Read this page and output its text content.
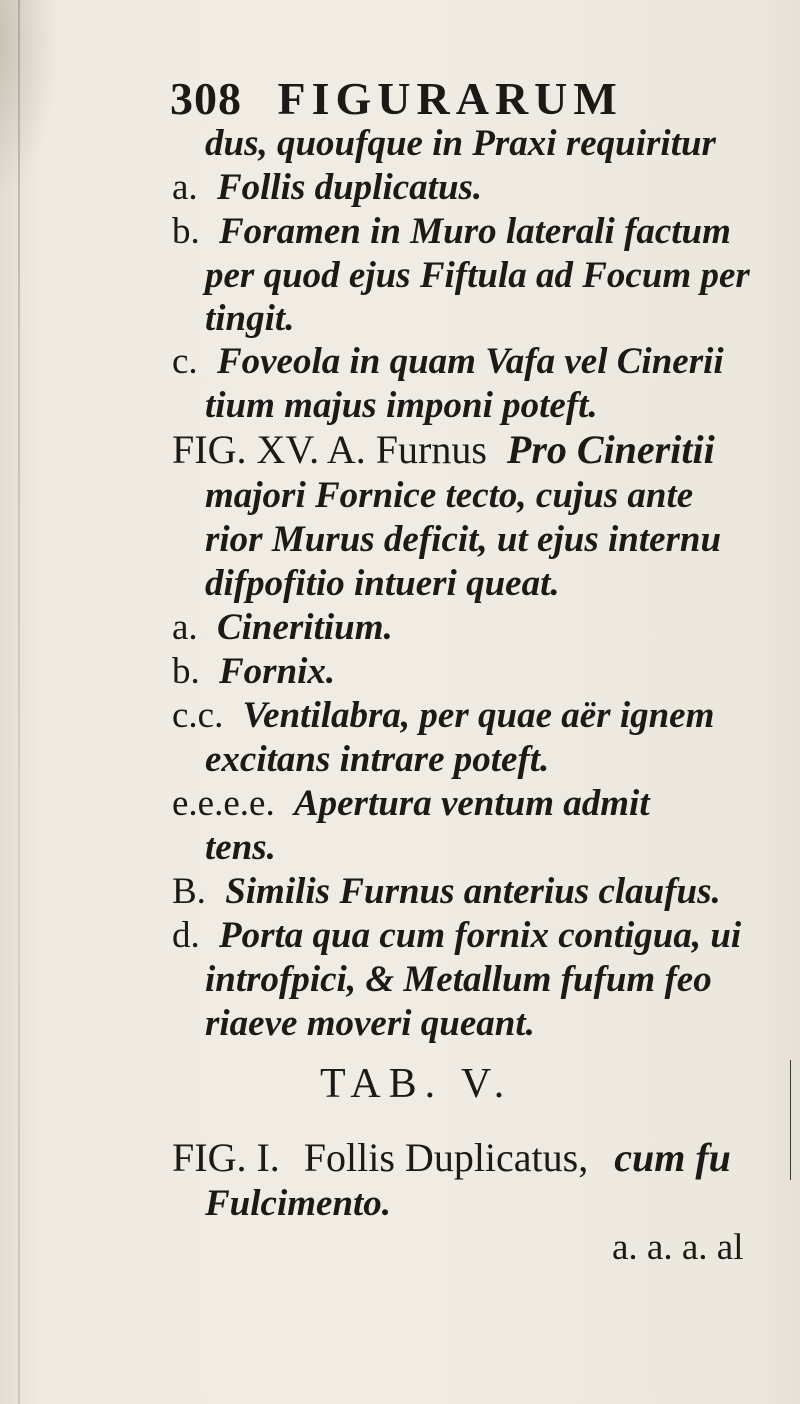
308 FIGURARUM
dus, quoufque in Praxi requiritur
a. Follis duplicatus.
b. Foramen in Muro laterali factum
per quod ejus Fiftula ad Focum per
tingit.
c. Foveola in quam Vafa vel Cinerii
tium majus imponi poteft.
FIG. XV. A. Furnus Pro Cineritii
majori Fornice tecto, cujus ante
rior Murus deficit, ut ejus internu
difpofitio intueri queat.
a. Cineritium.
b. Fornix.
c.c. Ventilabra, per quae aër ignem
excitans intrare poteft.
e.e.e.e. Apertura ventum admit
tens.
B. Similis Furnus anterius claufus.
d. Porta qua cum fornix contigua, ui
introfpici, & Metallum fufum feo
riaeve moveri queant.
TAB. V.
FIG. I. Follis Duplicatus, cum fu
Fulcimento.
a. a. a. al
